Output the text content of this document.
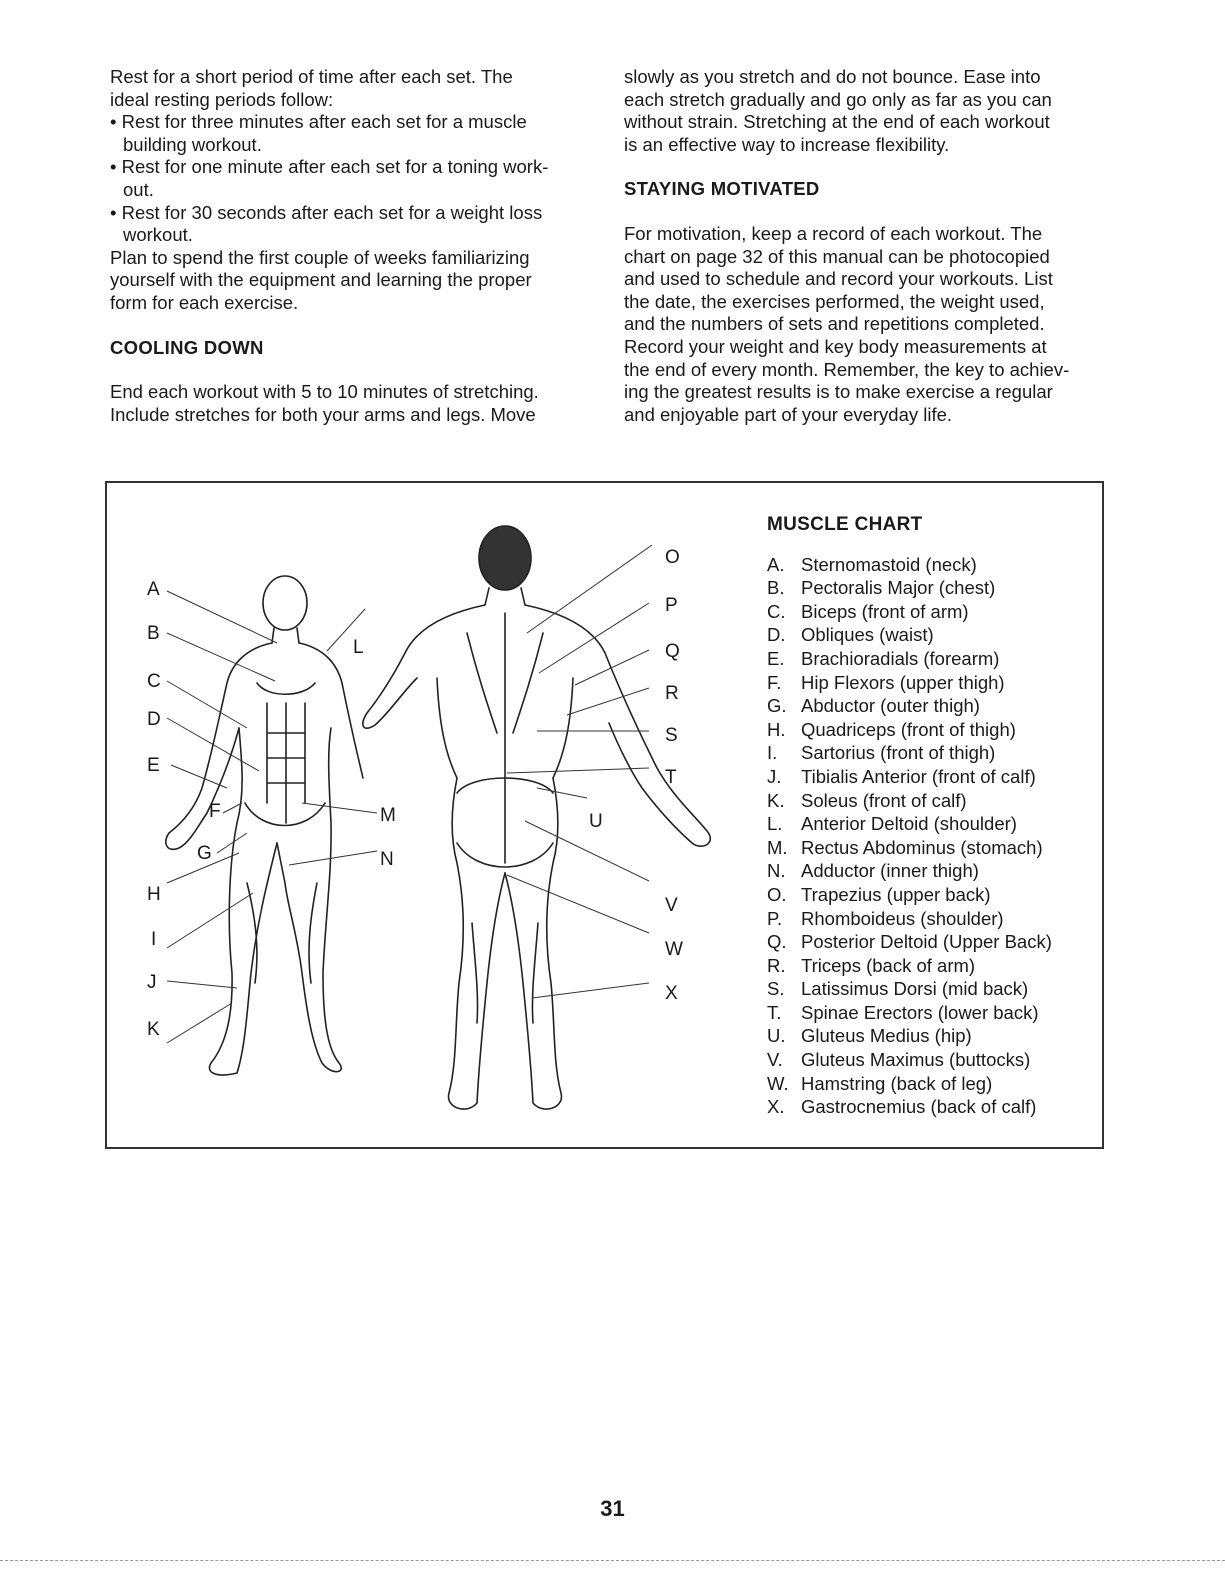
Rest for a short period of time after each set. The

ideal resting periods follow:

• Rest for three minutes after each set for a muscle
building workout.

• Rest for one minute after each set for a toning work-
out.

• Rest for 30 seconds after each set for a weight loss
workout.

Plan to spend the first couple of weeks familiarizing

yourself with the equipment and learning the proper

form for each exercise.

COOLING DOWN

End each workout with 5 to 10 minutes of stretching.

Include stretches for both your arms and legs. Move

slowly as you stretch and do not bounce. Ease into

each stretch gradually and go only as far as you can

without strain. Stretching at the end of each workout

is an effective way to increase flexibility.

STAYING MOTIVATED

For motivation, keep a record of each workout. The

chart on page 32 of this manual can be photocopied

and used to schedule and record your workouts. List

the date, the exercises performed, the weight used,

and the numbers of sets and repetitions completed.

Record your weight and key body measurements at

the end of every month. Remember, the key to achiev-

ing the greatest results is to make exercise a regular

and enjoyable part of your everyday life.

A
B
C
D
E
F
G
H
I
J
K
L
M
N
O
P
Q
R
S
T
U
V
W
X
MUSCLE CHART
A. Sternomastoid (neck)
B. Pectoralis Major (chest)
C. Biceps (front of arm)
D. Obliques (waist)
E. Brachioradials (forearm)
F.	Hip Flexors (upper thigh)
G. Abductor (outer thigh)
H. Quadriceps (front of thigh)
I.	Sartorius (front of thigh)
J.	Tibialis Anterior (front of calf)
K. Soleus (front of calf)
L.	Anterior Deltoid (shoulder)
M. Rectus Abdominus (stomach)
N. Adductor (inner thigh)
O. Trapezius (upper back)
P.	Rhomboideus (shoulder)
Q. Posterior Deltoid (Upper Back)
R. Triceps (back of arm)
S. Latissimus Dorsi (mid back)
T.	Spinae Erectors (lower back)
U. Gluteus Medius (hip)
V. Gluteus Maximus (buttocks)
W. Hamstring (back of leg)
X. Gastrocnemius (back of calf)
31
